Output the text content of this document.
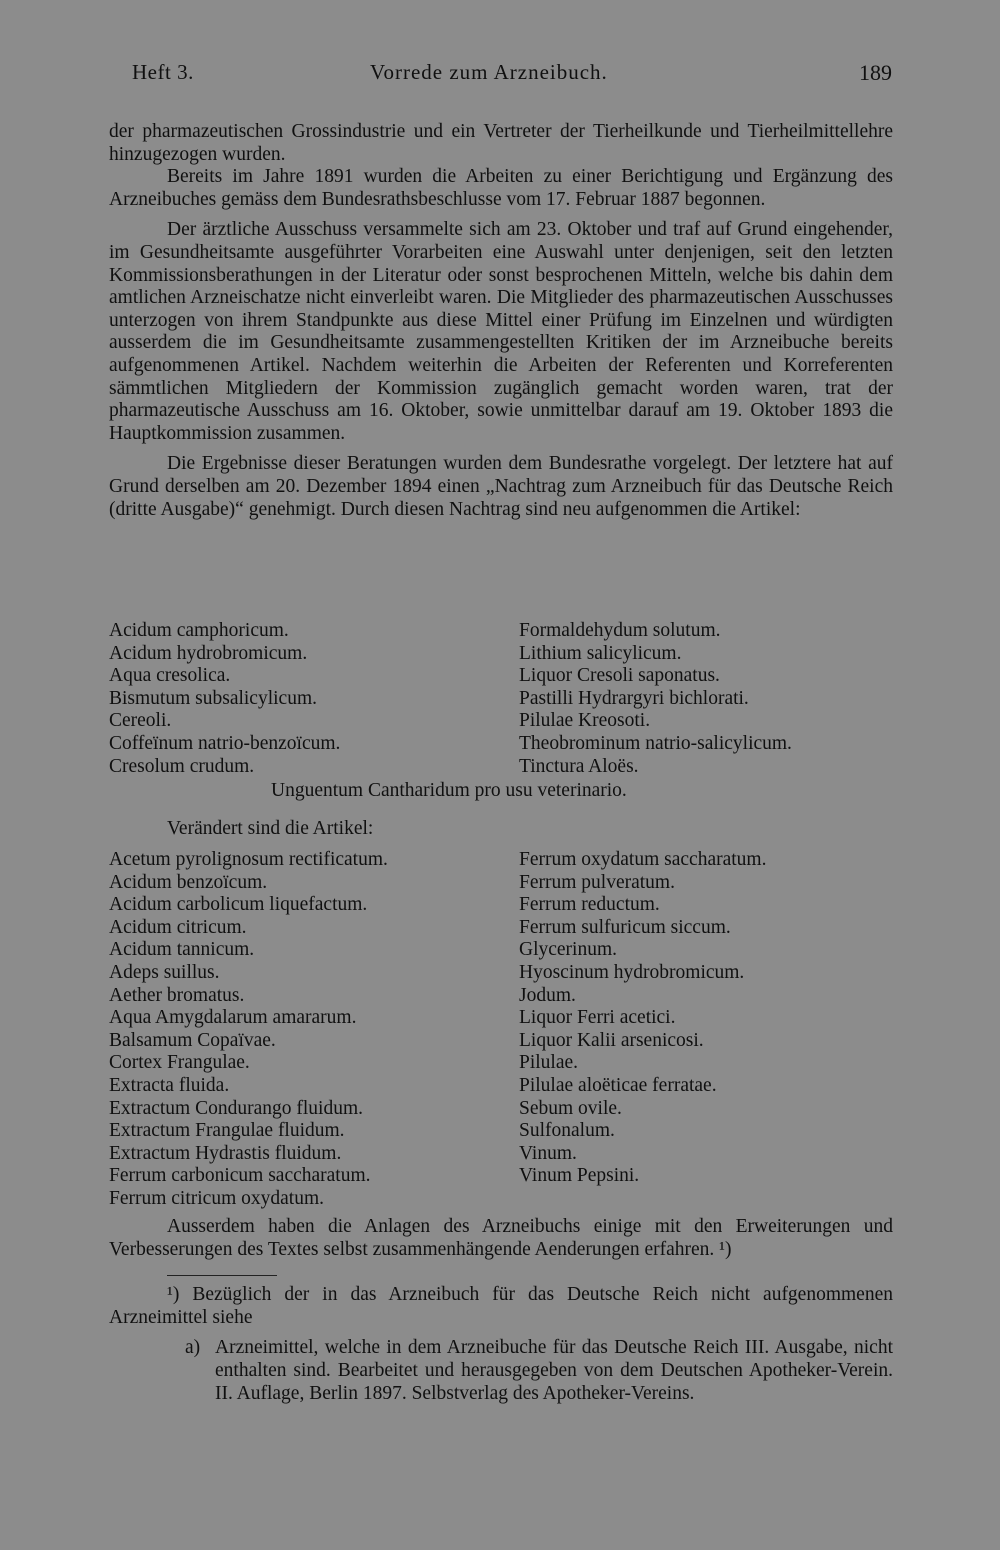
Heft 3.	Vorrede zum Arzneibuch.	189

der pharmazeutischen Grossindustrie und ein Vertreter der Tierheilkunde und Tierheilmittellehre hinzugezogen wurden.

Bereits im Jahre 1891 wurden die Arbeiten zu einer Berichtigung und Ergänzung des Arzneibuches gemäss dem Bundesrathsbeschlusse vom 17. Februar 1887 begonnen.

Der ärztliche Ausschuss versammelte sich am 23. Oktober und traf auf Grund eingehender, im Gesundheitsamte ausgeführter Vorarbeiten eine Auswahl unter denjenigen, seit den letzten Kommissionsberathungen in der Literatur oder sonst besprochenen Mitteln, welche bis dahin dem amtlichen Arzneischatze nicht einverleibt waren. Die Mitglieder des pharmazeutischen Ausschusses unterzogen von ihrem Standpunkte aus diese Mittel einer Prüfung im Einzelnen und würdigten ausserdem die im Gesundheitsamte zusammengestellten Kritiken der im Arzneibuche bereits aufgenommenen Artikel. Nachdem weiterhin die Arbeiten der Referenten und Korreferenten sämmtlichen Mitgliedern der Kommission zugänglich gemacht worden waren, trat der pharmazeutische Ausschuss am 16. Oktober, sowie unmittelbar darauf am 19. Oktober 1893 die Hauptkommission zusammen.

Die Ergebnisse dieser Beratungen wurden dem Bundesrathe vorgelegt. Der letztere hat auf Grund derselben am 20. Dezember 1894 einen „Nachtrag zum Arzneibuch für das Deutsche Reich (dritte Ausgabe)“ genehmigt. Durch diesen Nachtrag sind neu aufgenommen die Artikel:

Acidum camphoricum.
Acidum hydrobromicum.
Aqua cresolica.
Bismutum subsalicylicum.
Cereoli.
Coffeïnum natrio-benzoïcum.
Cresolum crudum.
Formaldehydum solutum.
Lithium salicylicum.
Liquor Cresoli saponatus.
Pastilli Hydrargyri bichlorati.
Pilulae Kreosoti.
Theobrominum natrio-salicylicum.
Tinctura Aloës.
Unguentum Cantharidum pro usu veterinario.
Verändert sind die Artikel:
Acetum pyrolignosum rectificatum.
Acidum benzoïcum.
Acidum carbolicum liquefactum.
Acidum citricum.
Acidum tannicum.
Adeps suillus.
Aether bromatus.
Aqua Amygdalarum amararum.
Balsamum Copaïvae.
Cortex Frangulae.
Extracta fluida.
Extractum Condurango fluidum.
Extractum Frangulae fluidum.
Extractum Hydrastis fluidum.
Ferrum carbonicum saccharatum.
Ferrum citricum oxydatum.
Ferrum oxydatum saccharatum.
Ferrum pulveratum.
Ferrum reductum.
Ferrum sulfuricum siccum.
Glycerinum.
Hyoscinum hydrobromicum.
Jodum.
Liquor Ferri acetici.
Liquor Kalii arsenicosi.
Pilulae.
Pilulae aloëticae ferratae.
Sebum ovile.
Sulfonalum.
Vinum.
Vinum Pepsini.

Ausserdem haben die Anlagen des Arzneibuchs einige mit den Erweiterungen und Verbesserungen des Textes selbst zusammenhängende Aenderungen erfahren. ¹)

¹) Bezüglich der in das Arzneibuch für das Deutsche Reich nicht aufgenommenen Arzneimittel siehe

a) Arzneimittel, welche in dem Arzneibuche für das Deutsche Reich III. Ausgabe, nicht enthalten sind. Bearbeitet und herausgegeben von dem Deutschen Apotheker-Verein. II. Auflage, Berlin 1897. Selbstverlag des Apotheker-Vereins.
